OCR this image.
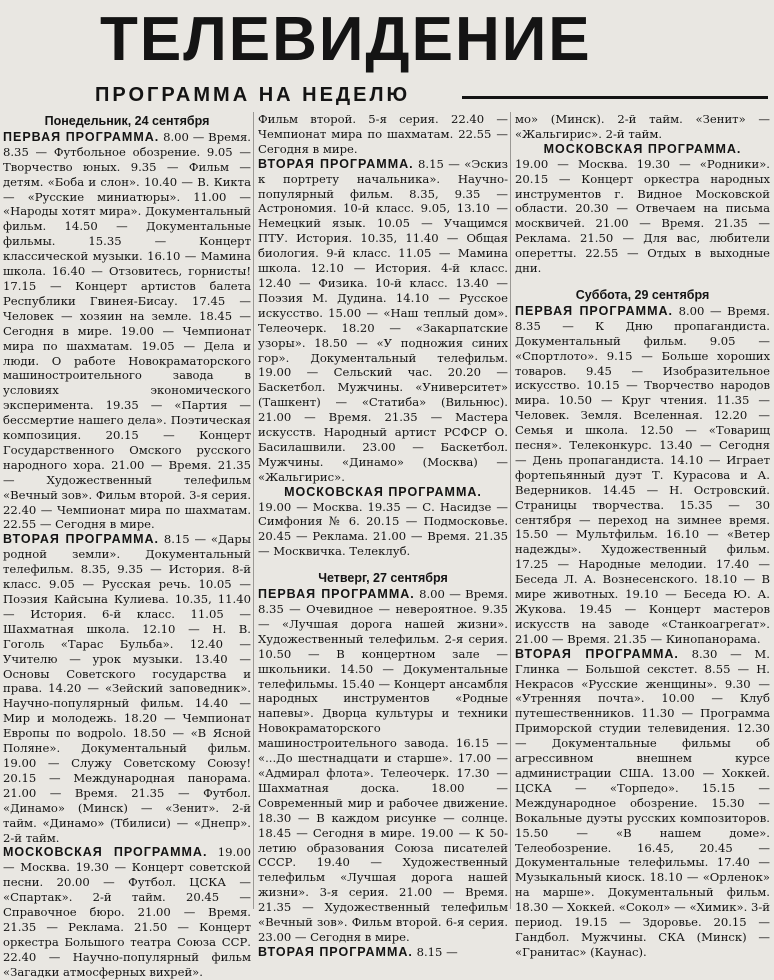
ТЕЛЕВИДЕНИЕ
ПРОГРАММА НА НЕДЕЛЮ
Понедельник, 24 сентября

ПЕРВАЯ ПРОГРАММА. 8.00 — Время. 8.35 — Футбольное обозрение. 9.05 — Творчество юных. 9.35 — Фильм — детям. «Боба и слон». 10.40 — В. Кикта — «Русские миниатюры». 11.00 — «Народы хотят мира». Документальный фильм. 14.50 — Документальные фильмы. 15.35 — Концерт классической музыки. 16.10 — Мамина школа. 16.40 — Отзовитесь, горнисты! 17.15 — Концерт артистов балета Республики Гвинея-Бисау. 17.45 — Человек — хозяин на земле. 18.45 — Сегодня в мире. 19.00 — Чемпионат мира по шахматам. 19.05 — Дела и люди. О работе Новокраматорского машиностроительного завода в условиях экономического эксперимента. 19.35 — «Партия — бессмертие нашего дела». Поэтическая композиция. 20.15 — Концерт Государственного Омского русского народного хора. 21.00 — Время. 21.35 — Художественный телефильм «Вечный зов». Фильм второй. 3-я серия. 22.40 — Чемпионат мира по шахматам. 22.55 — Сегодня в мире.

ВТОРАЯ ПРОГРАММА. 8.15 — «Дары родной земли». Документальный телефильм. 8.35, 9.35 — История. 8-й класс. 9.05 — Русская речь. 10.05 — Поэзия Кайсына Кулиева. 10.35, 11.40 — История. 6-й класс. 11.05 — Шахматная школа. 12.10 — Н. В. Гоголь «Тарас Бульба». 12.40 — Учителю — урок музыки. 13.40 — Основы Советского государства и права. 14.20 — «Зейский заповедник». Научно-популярный фильм. 14.40 — Мир и молодежь. 18.20 — Чемпионат Европы по водpolo. 18.50 — «В Ясной Поляне». Документальный фильм. 19.00 — Служу Советскому Союзу! 20.15 — Международная панорама. 21.00 — Время. 21.35 — Футбол. «Динамо» (Минск) — «Зенит». 2-й тайм. «Динамо» (Тбилиси) — «Днепр». 2-й тайм.

МОСКОВСКАЯ ПРОГРАММА. 19.00 — Москва. 19.30 — Концерт советской песни. 20.00 — Футбол. ЦСКА — «Спартак». 2-й тайм. 20.45 — Справочное бюро. 21.00 — Время. 21.35 — Реклама. 21.50 — Концерт оркестра Большого театра Союза ССР. 22.40 — Научно-популярный фильм «Загадки атмосферных вихрей».

Фильм второй. 5-я серия. 22.40 — Чемпионат мира по шахматам. 22.55 — Сегодня в мире.

ВТОРАЯ ПРОГРАММА. 8.15 — «Эскиз к портрету начальника». Научно-популярный фильм. 8.35, 9.35 — Астрономия. 10-й класс. 9.05, 13.10 — Немецкий язык. 10.05 — Учащимся ПТУ. История. 10.35, 11.40 — Общая биология. 9-й класс. 11.05 — Мамина школа. 12.10 — История. 4-й класс. 12.40 — Физика. 10-й класс. 13.40 — Поэзия М. Дудина. 14.10 — Русское искусство. 15.00 — «Наш теплый дом». Телеочерк. 18.20 — «Закарпатские узоры». 18.50 — «У подножия синих гор». Документальный телефильм. 19.00 — Сельский час. 20.20 — Баскетбол. Мужчины. «Университет» (Ташкент) — «Статиба» (Вильнюс). 21.00 — Время. 21.35 — Мастера искусств. Народный артист РСФСР О. Басилашвили. 23.00 — Баскетбол. Мужчины. «Динамо» (Москва) — «Жальгирис».

МОСКОВСКАЯ ПРОГРАММА.

19.00 — Москва. 19.35 — С. Насидзе — Симфония № 6. 20.15 — Подмосковье. 20.45 — Реклама. 21.00 — Время. 21.35 — Москвичка. Телеклуб.

Четверг, 27 сентября

ПЕРВАЯ ПРОГРАММА. 8.00 — Время. 8.35 — Очевидное — невероятное. 9.35 — «Лучшая дорога нашей жизни». Художественный телефильм. 2-я серия. 10.50 — В концертном зале — школьники. 14.50 — Документальные телефильмы. 15.40 — Концерт ансамбля народных инструментов «Родные напевы». Дворца культуры и техники Новокраматорского машиностроительного завода. 16.15 — «...До шестнадцати и старше». 17.00 — «Адмирал флота». Телеочерк. 17.30 — Шахматная доска. 18.00 — Современный мир и рабочее движение. 18.30 — В каждом рисунке — солнце. 18.45 — Сегодня в мире. 19.00 — К 50-летию образования Союза писателей СССР. 19.40 — Художественный телефильм «Лучшая дорога нашей жизни». 3-я серия. 21.00 — Время. 21.35 — Художественный телефильм «Вечный зов». Фильм второй. 6-я серия. 23.00 — Сегодня в мире.

ВТОРАЯ ПРОГРАММА. 8.15 —

мо» (Минск). 2-й тайм. «Зенит» — «Жальгирис». 2-й тайм.

МОСКОВСКАЯ ПРОГРАММА.

19.00 — Москва. 19.30 — «Родники». 20.15 — Концерт оркестра народных инструментов г. Видное Московской области. 20.30 — Отвечаем на письма москвичей. 21.00 — Время. 21.35 — Реклама. 21.50 — Для вас, любители оперетты. 22.55 — Отдых в выходные дни.

Суббота, 29 сентября

ПЕРВАЯ ПРОГРАММА. 8.00 — Время. 8.35 — К Дню пропагандиста. Документальный фильм. 9.05 — «Спортлото». 9.15 — Больше хороших товаров. 9.45 — Изобразительное искусство. 10.15 — Творчество народов мира. 10.50 — Круг чтения. 11.35 — Человек. Земля. Вселенная. 12.20 — Семья и школа. 12.50 — «Товарищ песня». Телеконкурс. 13.40 — Сегодня — День пропагандиста. 14.10 — Играет фортепьянный дуэт Т. Курасова и А. Ведерников. 14.45 — Н. Островский. Страницы творчества. 15.35 — 30 сентября — переход на зимнее время. 15.50 — Мультфильм. 16.10 — «Ветер надежды». Художественный фильм. 17.25 — Народные мелодии. 17.40 — Беседа Л. А. Вознесенского. 18.10 — В мире животных. 19.10 — Беседа Ю. А. Жукова. 19.45 — Концерт мастеров искусств на заводе «Станкоагрегат». 21.00 — Время. 21.35 — Кинопанорама.

ВТОРАЯ ПРОГРАММА. 8.30 — М. Глинка — Большой секстет. 8.55 — Н. Некрасов «Русские женщины». 9.30 — «Утренняя почта». 10.00 — Клуб путешественников. 11.30 — Программа Приморской студии телевидения. 12.30 — Документальные фильмы об агрессивном внешнем курсе администрации США. 13.00 — Хоккей. ЦСКА — «Торпедо». 15.15 — Международное обозрение. 15.30 — Вокальные дуэты русских композиторов. 15.50 — «В нашем доме». Телеобозрение. 16.45, 20.45 — Документальные телефильмы. 17.40 — Музыкальный киоск. 18.10 — «Орленок» на марше». Документальный фильм. 18.30 — Хоккей. «Сокол» — «Химик». 3-й период. 19.15 — Здоровье. 20.15 — Гандбол. Мужчины. СКА (Минск) — «Гранитас» (Каунас).
